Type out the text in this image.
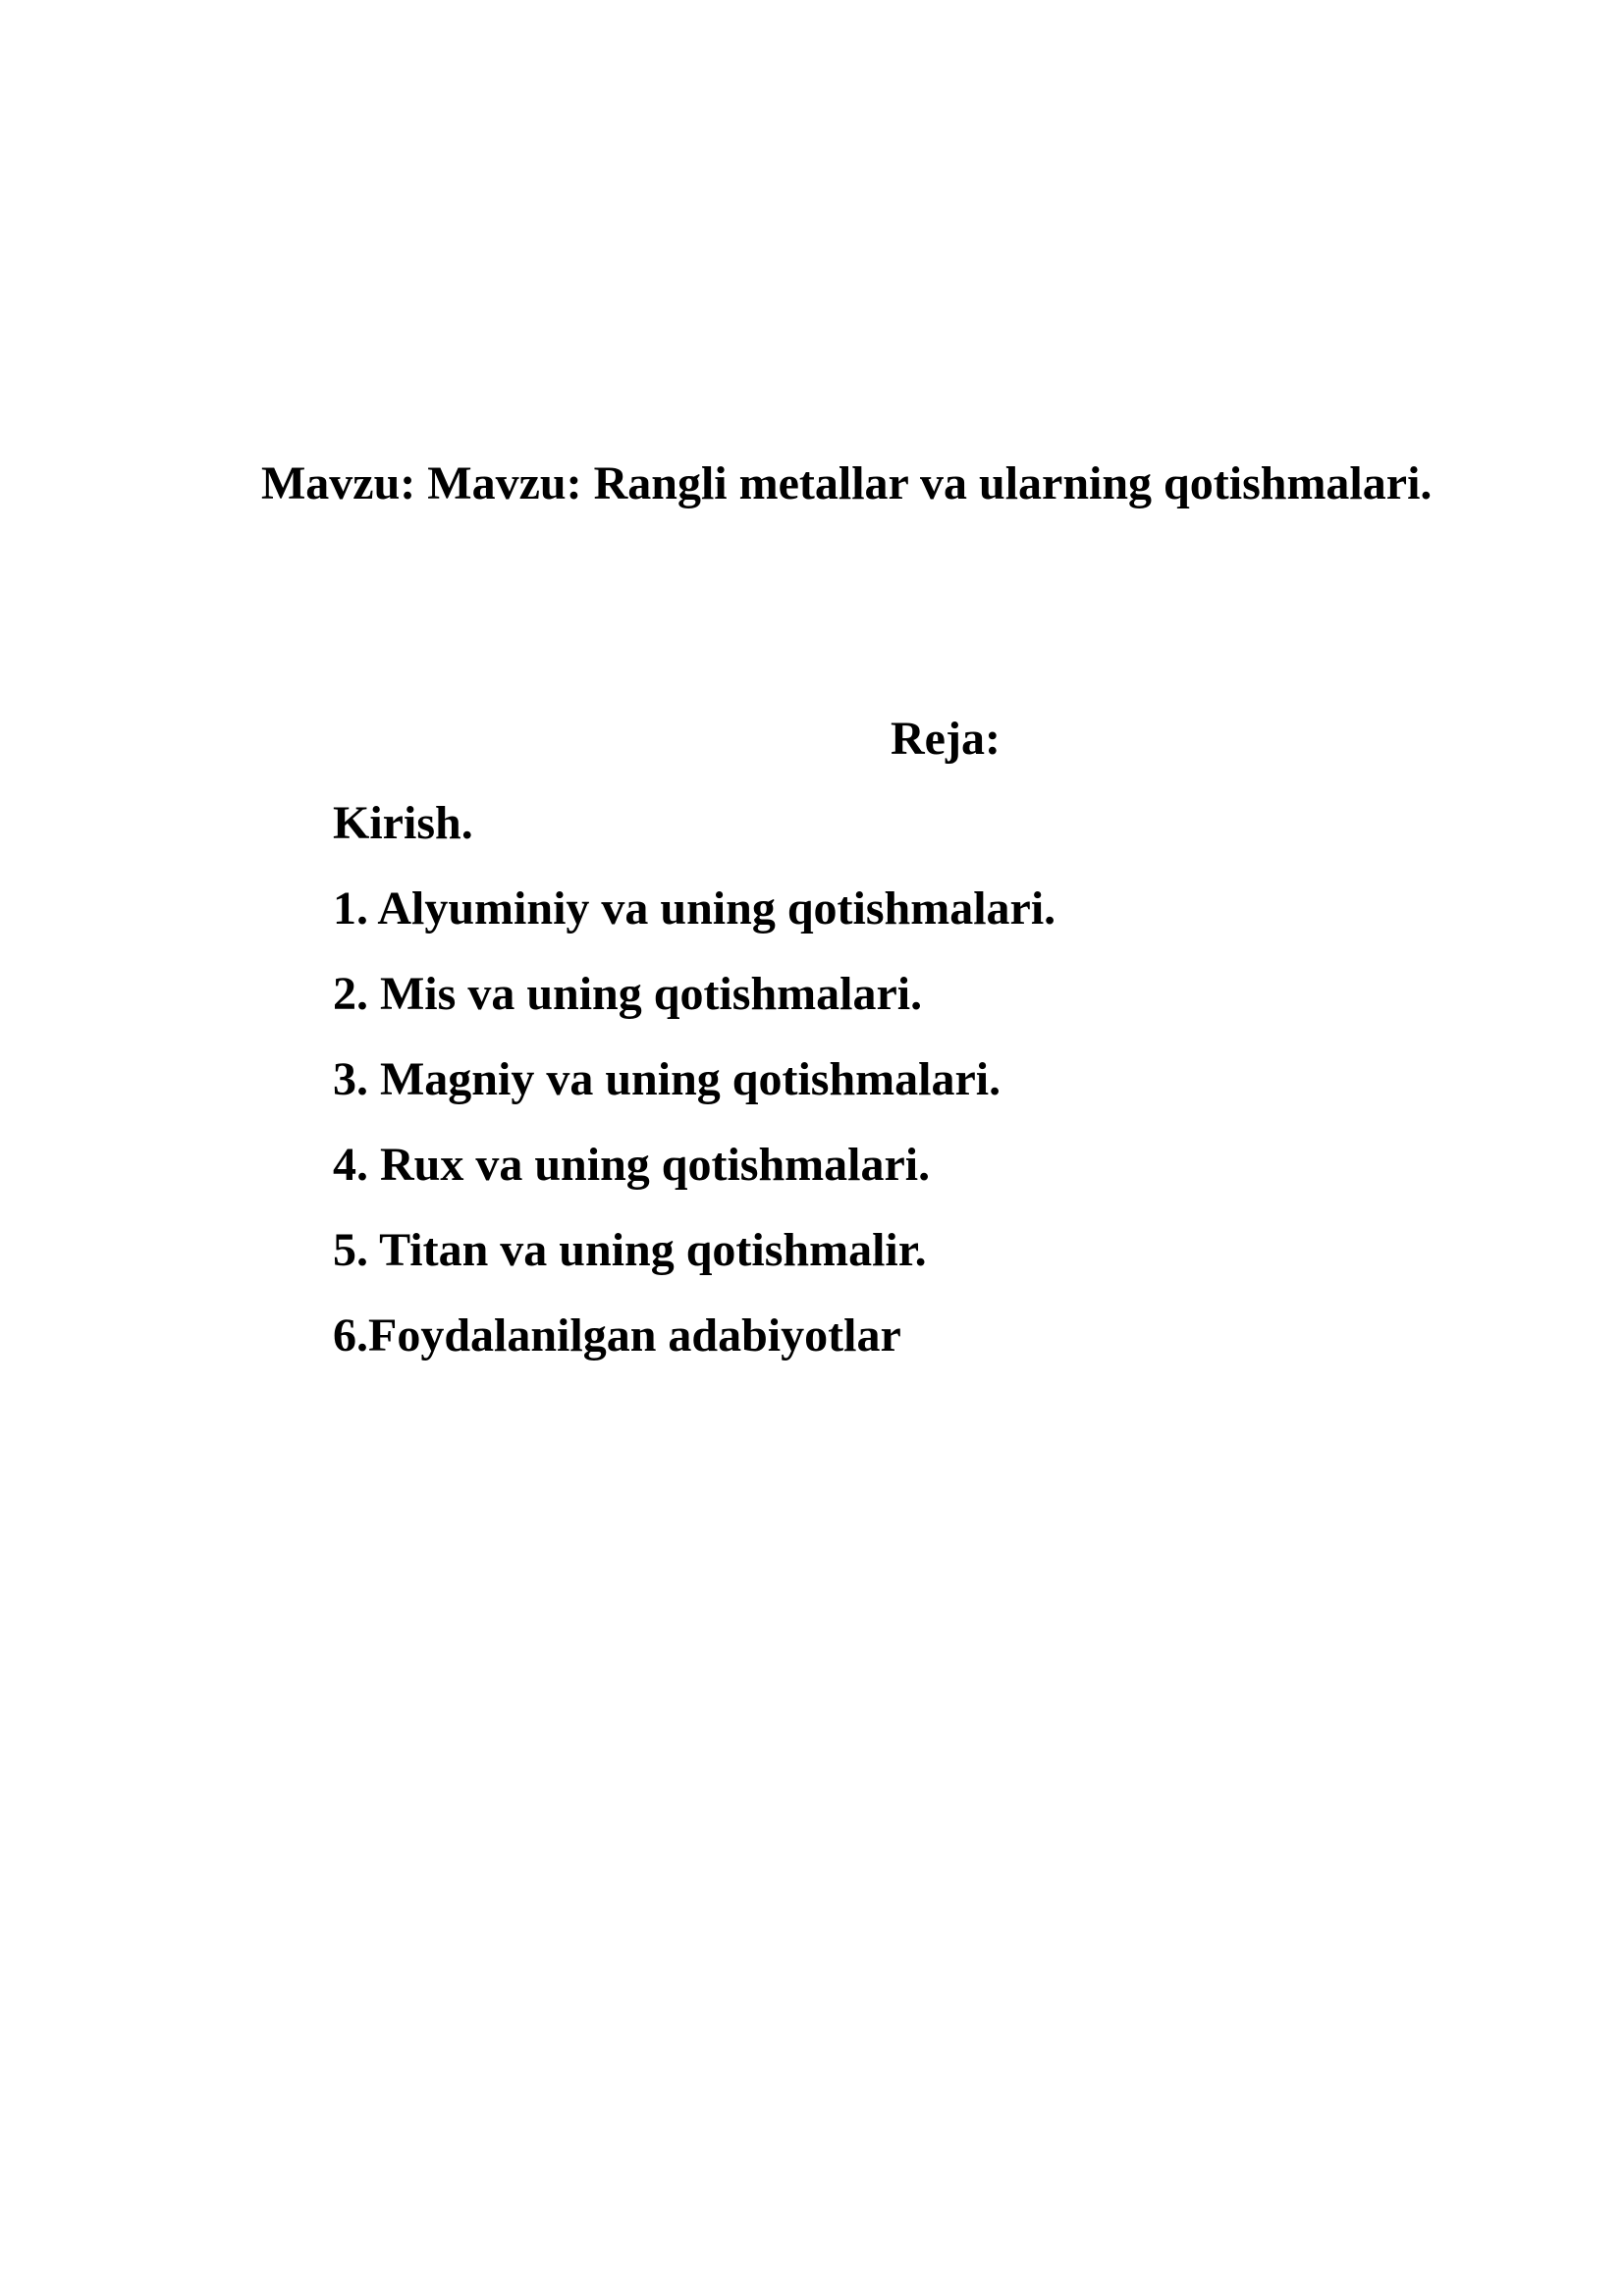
Mavzu: Mavzu: Rangli metallar va ularning qotishmalari.
Reja:
Kirish.
1. Alyuminiy va uning qotishmalari.
2. Mis va uning qotishmalari.
3. Magniy va uning qotishmalari.
4. Rux va uning qotishmalari.
5. Titan va uning qotishmalir.
6.Foydalanilgan adabiyotlar
